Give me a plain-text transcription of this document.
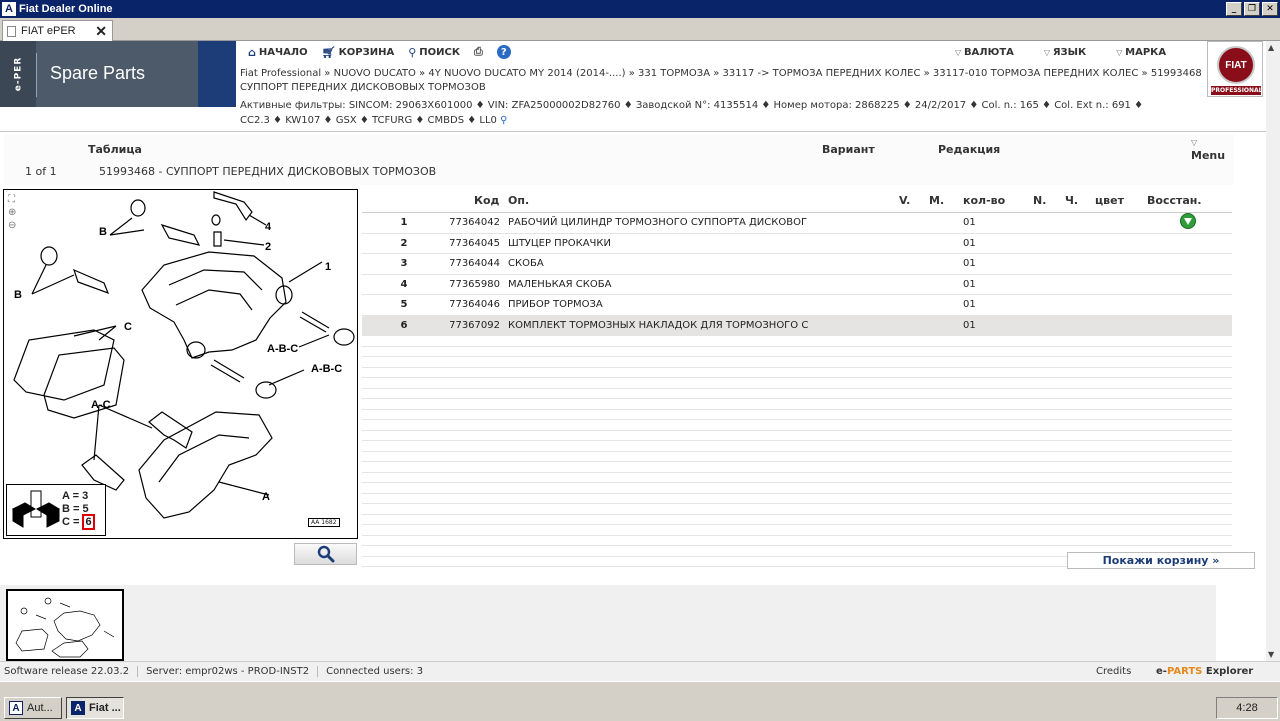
A Fiat Dealer Online	_	❐	✕
FIAT ePER ✕
e-PER Spare Parts
⌂ НАЧАЛО 🛒︎ КОРЗИНА ⚲ ПОИСК ⎙	?	▽ ВАЛЮТА	▽ ЯЗЫК	▽ МАРКА
FIAT
PROFESSIONAL
Fiat Professional » NUOVO DUCATO » 4Y NUOVO DUCATO MY 2014 (2014-....) » 331 ТОРМОЗА » 33117 -> ТОРМОЗА ПЕРЕДНИХ КОЛЕС » 33117-010 ТОРМОЗА ПЕРЕДНИХ КОЛЕС » 51993468 СУППОРТ ПЕРЕДНИХ ДИСКОВОВЫХ ТОРМОЗОВ
Активные фильтры: SINCOM: 29063X601000 ♦ VIN: ZFA25000002D82760 ♦ Заводской N°: 4135514 ♦ Номер мотора: 2868225 ♦ 24/2/2017 ♦ Col. n.: 165 ♦ Col. Ext n.: 691 ♦ CC2.3 ♦ KW107 ♦ GSX ♦ TCFURG ♦ CMBDS ♦ LL0 ⚲
Таблица	Вариант	Редакция	▽ Menu
1 of 1	51993468 - СУППОРТ ПЕРЕДНИХ ДИСКОВОВЫХ ТОРМОЗОВ
⛶
⊕
⊖
1
2
4
B
B
C
A-B-C
A-B-C
A-C
A
A = 3
B = 5
C = 6	AA 1682
Код Оп.	V. M. кол-во	N. Ч. цвет Восстан.
1	77364042 РАБОЧИЙ ЦИЛИНДР ТОРМОЗНОГО СУППОРТА ДИСКОВОГ	01
2	77364045 ШТУЦЕР ПРОКАЧКИ	01
3	77364044 СКОБА	01
4	77365980 МАЛЕНЬКАЯ СКОБА	01
5	77364046 ПРИБОР ТОРМОЗА	01
6	77367092 КОМПЛЕКТ ТОРМОЗНЫХ НАКЛАДОК ДЛЯ ТОРМОЗНОГО С	01
Покажи корзину »
▲ ▼
Software release 22.03.2	Server: empr02ws - PROD-INST2	Connected users: 3	Credits e-PARTS Explorer
A Aut...	A Fiat ...	4:28
